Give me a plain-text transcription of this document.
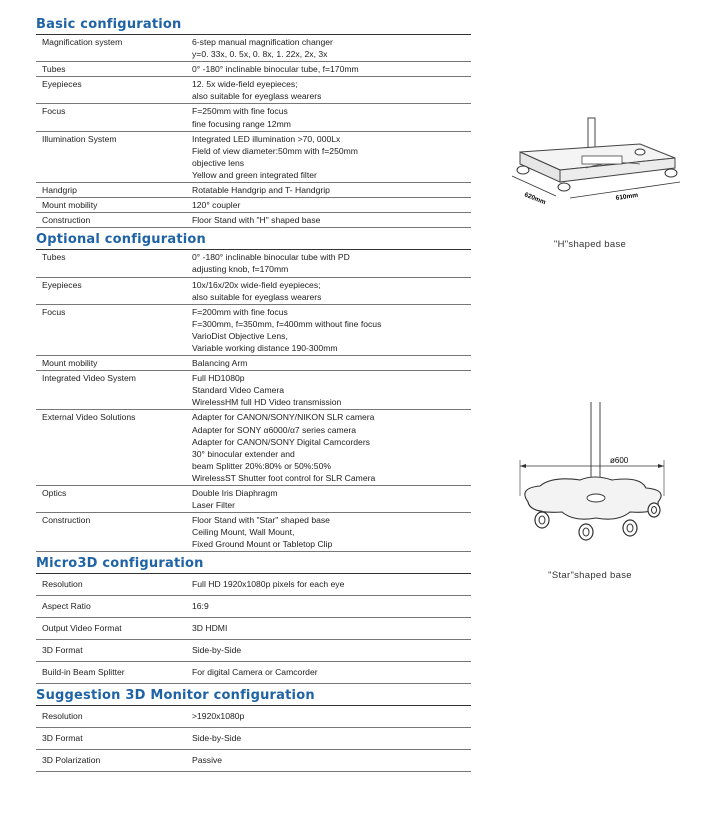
Basic configuration
Magnification system	6-step manual magnification changer
y=0. 33x, 0. 5x, 0. 8x, 1. 22x, 2x, 3x
Tubes	0° -180° inclinable binocular tube, f=170mm
Eyepieces	12. 5x wide-field eyepieces;
also suitable for eyeglass wearers
Focus	F=250mm with fine focus
fine focusing range 12mm
Illumination System	Integrated LED illumination >70, 000Lx
Field of view diameter:50mm with f=250mm
objective lens
Yellow and green integrated filter
Handgrip	Rotatable Handgrip and T- Handgrip
Mount mobility	120° coupler
Construction	Floor Stand with "H" shaped base
Optional configuration
Tubes	0° -180° inclinable binocular tube with PD
adjusting knob, f=170mm
Eyepieces	10x/16x/20x wide-field eyepieces;
also suitable for eyeglass wearers
Focus	F=200mm with fine focus
F=300mm, f=350mm, f=400mm without fine focus
VarioDist Objective Lens,
Variable working distance 190-300mm
Mount mobility	Balancing Arm
Integrated Video System	Full HD1080p
Standard Video Camera
WirelessHM full HD Video transmission
External Video Solutions	Adapter for CANON/SONY/NIKON SLR camera
Adapter for SONY α6000/α7 series camera
Adapter for CANON/SONY Digital Camcorders
30° binocular extender and
beam Splitter 20%:80% or 50%:50%
WirelessST Shutter foot control for SLR Camera
Optics	Double Iris Diaphragm
Laser Filter
Construction	Floor Stand with "Star" shaped base
Ceiling Mount, Wall Mount,
Fixed Ground Mount or Tabletop Clip
Micro3D configuration
Resolution	Full HD 1920x1080p pixels for each eye
Aspect Ratio	16:9
Output Video Format	3D HDMI
3D Format	Side-by-Side
Build-in Beam Splitter	For digital Camera or Camcorder
Suggestion 3D Monitor configuration
Resolution	>1920x1080p
3D Format	Side-by-Side
3D Polarization	Passive
620mm	610mm
"H"shaped base
ø600
"Star"shaped base
